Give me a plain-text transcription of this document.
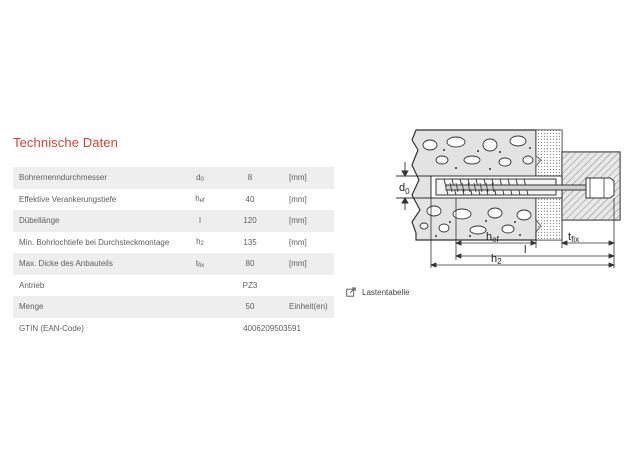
Technische Daten
Bohrernenndurchmesser	$d_0$	8	[mm]
Effektive Verankerungstiefe	$h_{ef}$	40	[mm]
Dübellänge	l	120	[mm]
Min. Bohrlochtiefe bei Durchsteckmontage	$h_2$	135	[mm]
Max. Dicke des Anbauteils	$t_{fix}$	80	[mm]
Antrieb		PZ3	
Menge		50	Einheit(en)
GTIN (EAN-Code)	4006209503591		
Lastentabelle
$d_0$
hef	tfix
l
h2
